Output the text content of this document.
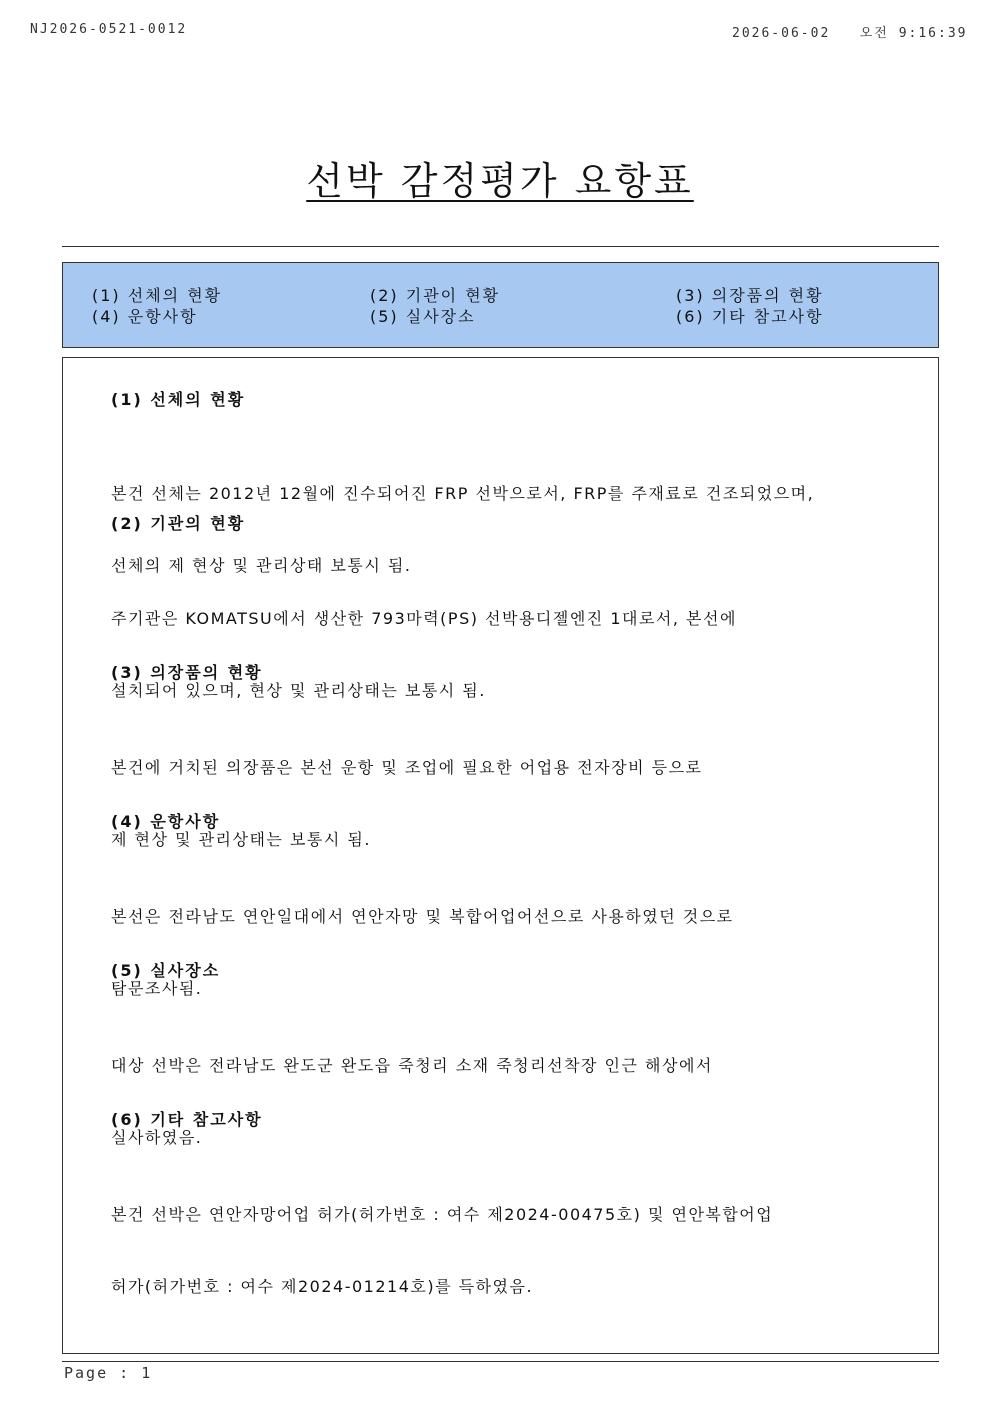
NJ2026-0521-0012	2026-06-02   오전 9:16:39
선박 감정평가 요항표
(1) 선체의 현황	(2) 기관이 현황	(3) 의장품의 현황
(4) 운항사항	(5) 실사장소	(6) 기타 참고사항
(1) 선체의 현황

본건 선체는 2012년 12월에 진수되어진 FRP 선박으로서, FRP를 주재료로 건조되었으며,

선체의 제 현상 및 관리상태 보통시 됨.

(2) 기관의 현황

주기관은 KOMATSU에서 생산한 793마력(PS) 선박용디젤엔진 1대로서, 본선에

설치되어 있으며, 현상 및 관리상태는 보통시 됨.

(3) 의장품의 현황

본건에 거치된 의장품은 본선 운항 및 조업에 필요한 어업용 전자장비 등으로

제 현상 및 관리상태는 보통시 됨.

(4) 운항사항

본선은 전라남도 연안일대에서 연안자망 및 복합어업어선으로 사용하였던 것으로

탐문조사됨.

(5) 실사장소

대상 선박은 전라남도 완도군 완도읍 죽청리 소재 죽청리선착장 인근 해상에서

실사하였음.

(6) 기타 참고사항

본건 선박은 연안자망어업 허가(허가번호 : 여수 제2024-00475호) 및 연안복합어업

허가(허가번호 : 여수 제2024-01214호)를 득하였음.

Page : 1
